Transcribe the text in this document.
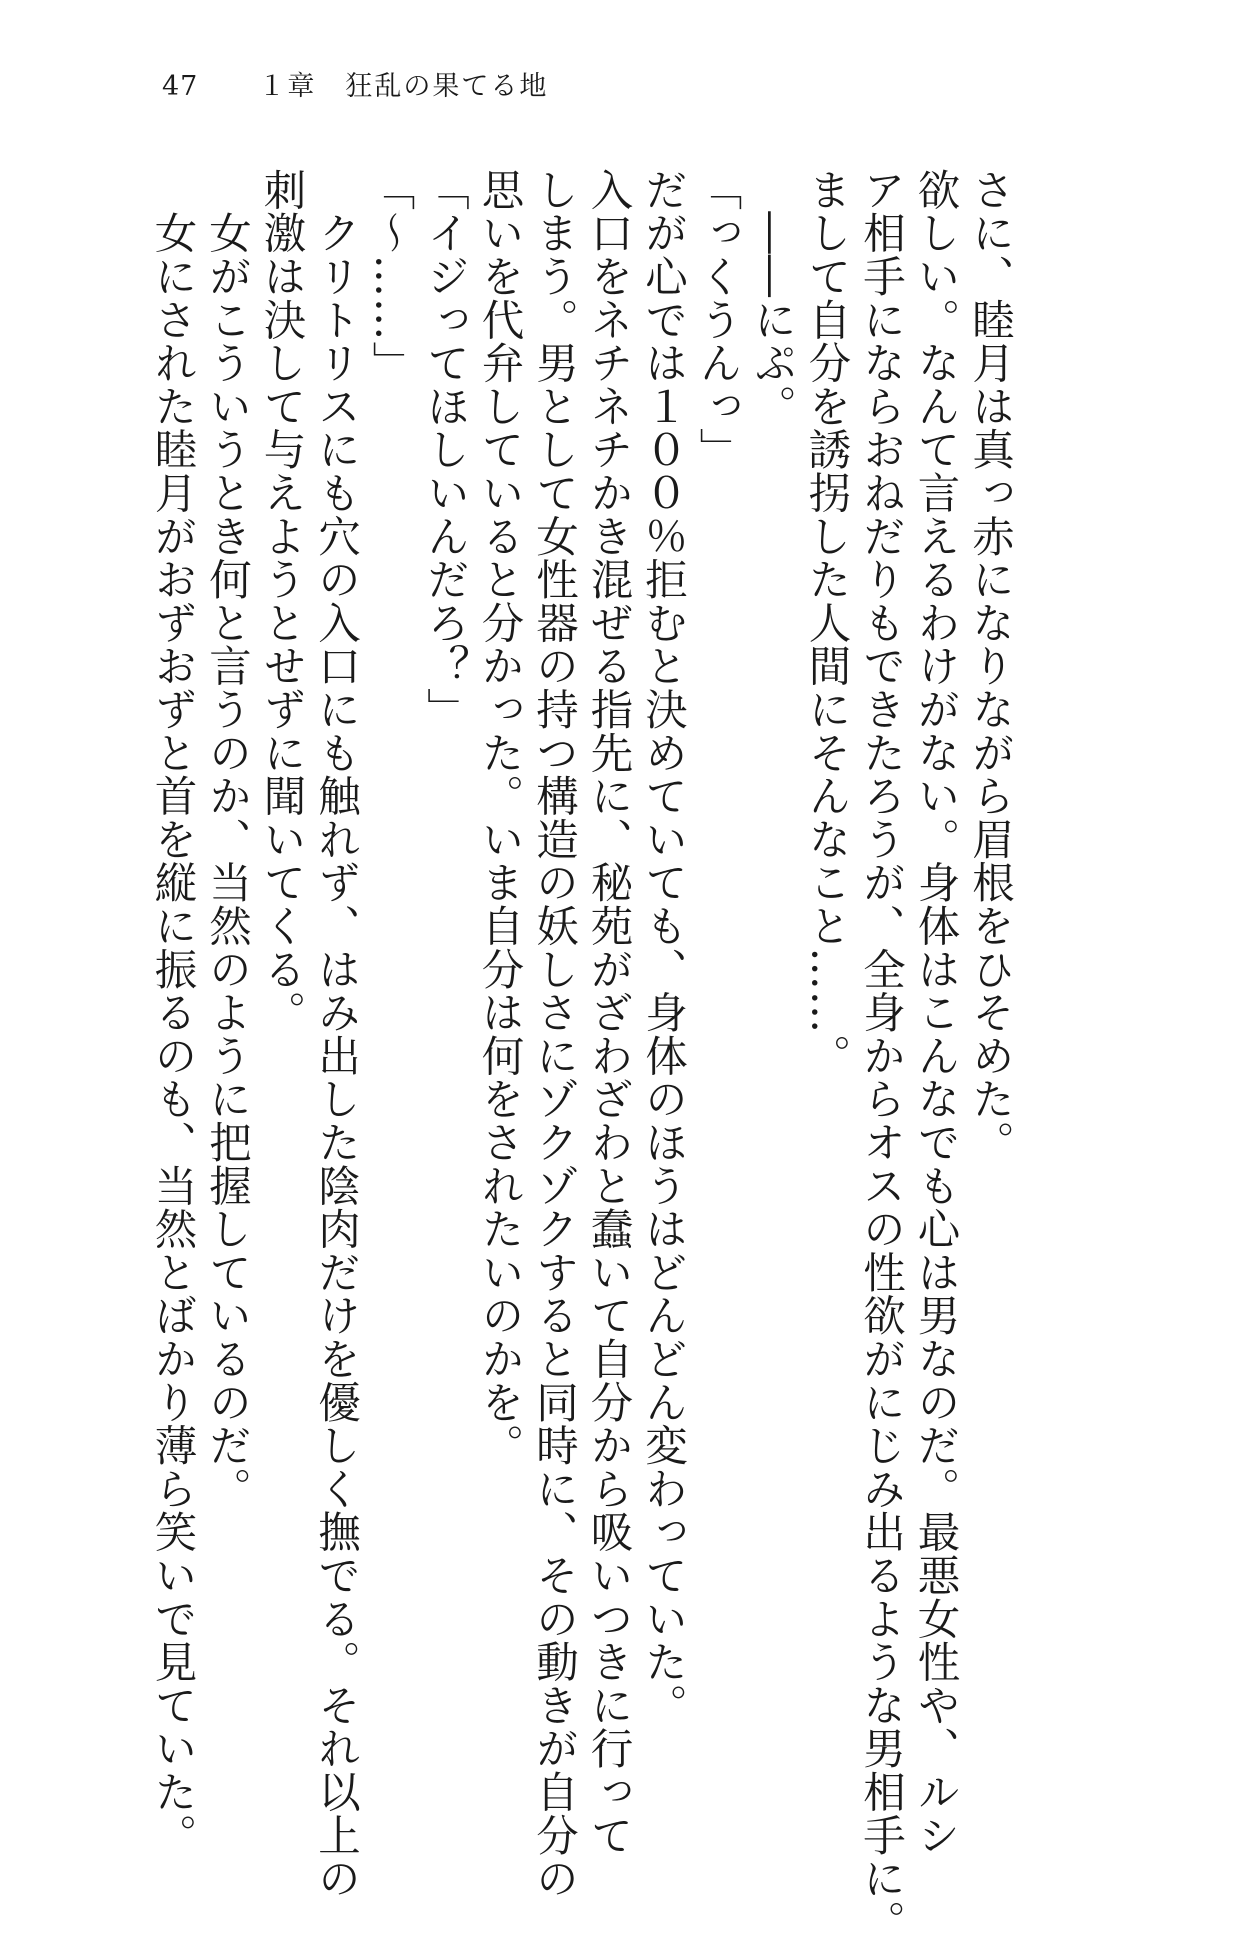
47 １章　狂乱の果てる地
さに、睦月は真っ赤になりながら眉根をひそめた。
欲しい。なんて言えるわけがない。身体はこんなでも心は男なのだ。最悪女性や、ルシ
ア相手にならおねだりもできたろうが、全身からオスの性欲がにじみ出るような男相手に。
まして自分を誘拐した人間にそんなこと……。
　――にぷ。
「っくうんっ」
だが心では１００％拒むと決めていても、身体のほうはどんどん変わっていた。
入口をネチネチかき混ぜる指先に、秘苑がざわざわと蠢いて自分から吸いつきに行って
しまう。男として女性器の持つ構造の妖しさにゾクゾクすると同時に、その動きが自分の
思いを代弁していると分かった。いま自分は何をされたいのかを。
「イジってほしいんだろ？」
「～……」
　クリトリスにも穴の入口にも触れず、はみ出した陰肉だけを優しく撫でる。それ以上の
刺激は決して与えようとせずに聞いてくる。
　女がこういうとき何と言うのか、当然のように把握しているのだ。
　女にされた睦月がおずおずと首を縦に振るのも、当然とばかり薄ら笑いで見ていた。
